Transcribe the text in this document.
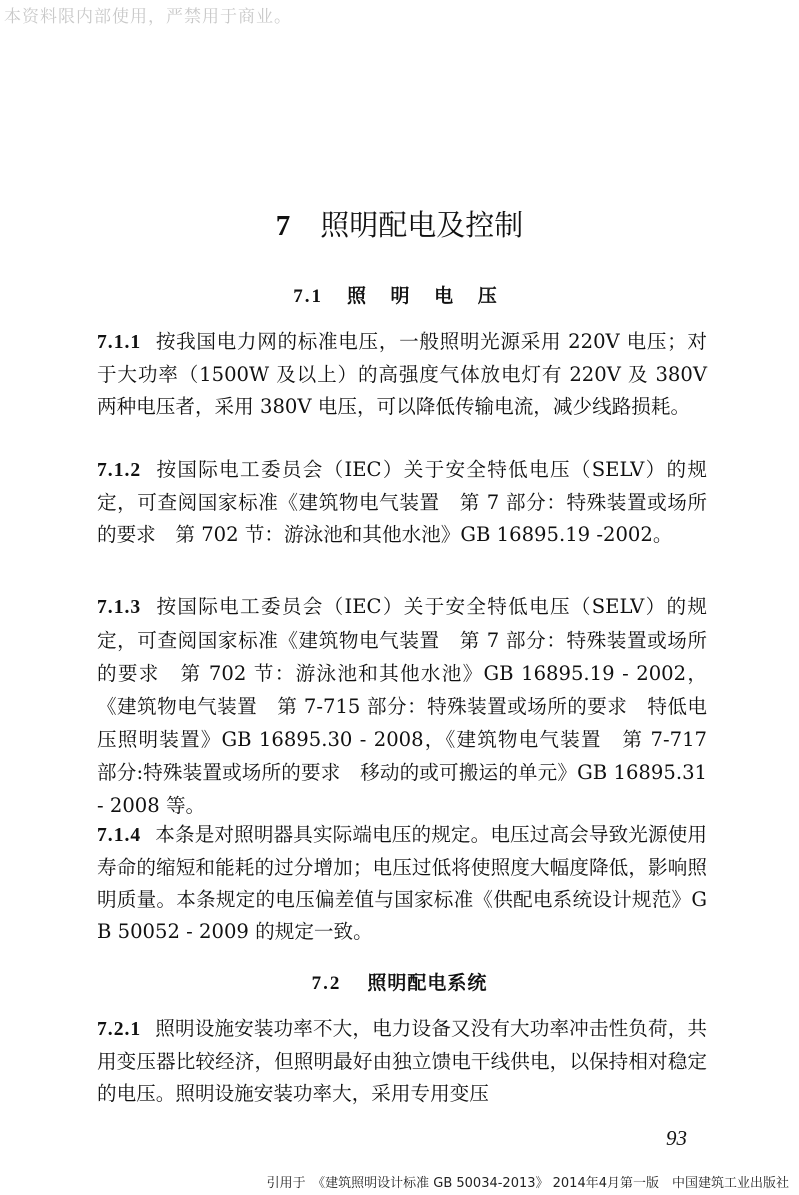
本资料限内部使用，严禁用于商业。
7 照明配电及控制
7.1 照 明 电 压
7.1.1 按我国电力网的标准电压，一般照明光源采用 220V 电压；对于大功率（1500W 及以上）的高强度气体放电灯有 220V 及 380V 两种电压者，采用 380V 电压，可以降低传输电流，减少线路损耗。
7.1.2 按国际电工委员会（IEC）关于安全特低电压（SELV）的规定，可查阅国家标准《建筑物电气装置　第 7 部分：特殊装置或场所的要求　第 702 节：游泳池和其他水池》GB 16895.19 -2002。
7.1.3 按国际电工委员会（IEC）关于安全特低电压（SELV）的规定，可查阅国家标准《建筑物电气装置　第 7 部分：特殊装置或场所的要求　第 702 节：游泳池和其他水池》GB 16895.19 - 2002，《建筑物电气装置　第 7-715 部分：特殊装置或场所的要求　特低电压照明装置》GB 16895.30 - 2008，《建筑物电气装置　第 7-717 部分:特殊装置或场所的要求　移动的或可搬运的单元》GB 16895.31 - 2008 等。
7.1.4 本条是对照明器具实际端电压的规定。电压过高会导致光源使用寿命的缩短和能耗的过分增加；电压过低将使照度大幅度降低，影响照明质量。本条规定的电压偏差值与国家标准《供配电系统设计规范》GB 50052 - 2009 的规定一致。
7.2 照明配电系统
7.2.1 照明设施安装功率不大，电力设备又没有大功率冲击性负荷，共用变压器比较经济，但照明最好由独立馈电干线供电，以保持相对稳定的电压。照明设施安装功率大，采用专用变压
93
引用于　《建筑照明设计标准 GB 50034-2013》 2014年4月第一版　中国建筑工业出版社
